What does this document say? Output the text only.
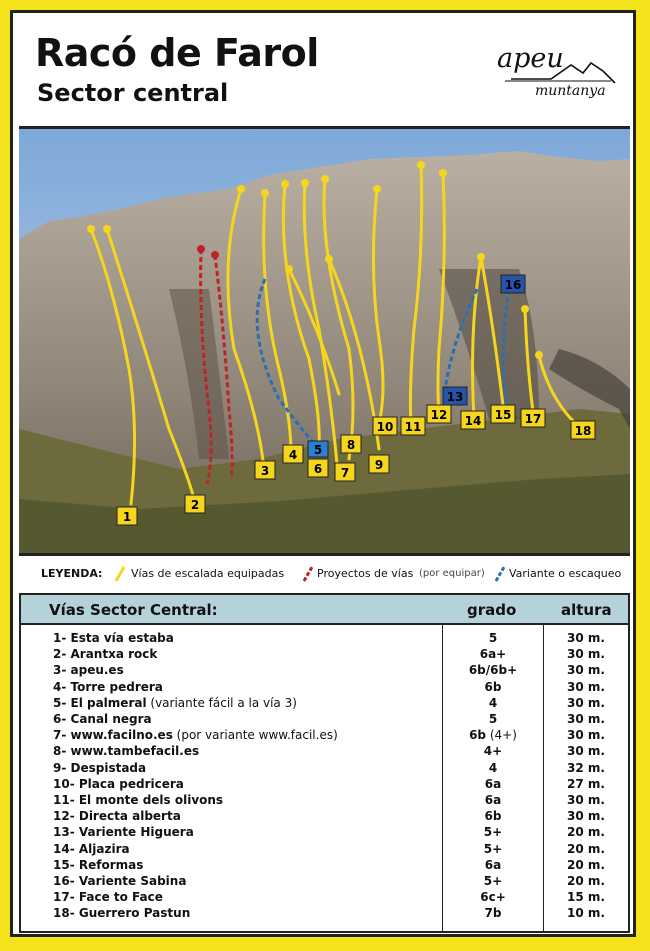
Racó de Farol
Sector central
apeu
muntanya
1
2
3
4 5
6 7
8
9
10 11
12
13
14 15
16
17
18
LEYENDA:	Vías de escalada equipadas	Proyectos de vías (por equipar) Variante o escaqueo
Vías Sector Central:	grado	altura
1- Esta vía estaba	5	30 m.
2- Arantxa rock	6a+	30 m.
3- apeu.es	6b/6b+	30 m.
4- Torre pedrera	6b	30 m.
5- El palmeral (variante fácil a la vía 3)	4	30 m.
6- Canal negra	5	30 m.
7- www.facilno.es (por variante www.facil.es)	6b (4+)	30 m.
8- www.tambefacil.es	4+	30 m.
9- Despistada	4	32 m.
10- Placa pedricera	6a	27 m.
11- El monte dels olivons	6a	30 m.
12- Directa alberta	6b	30 m.
13- Variente Higuera	5+	20 m.
14- Aljazira	5+	20 m.
15- Reformas	6a	20 m.
16- Variente Sabina	5+	20 m.
17- Face to Face	6c+	15 m.
18- Guerrero Pastun	7b	10 m.
